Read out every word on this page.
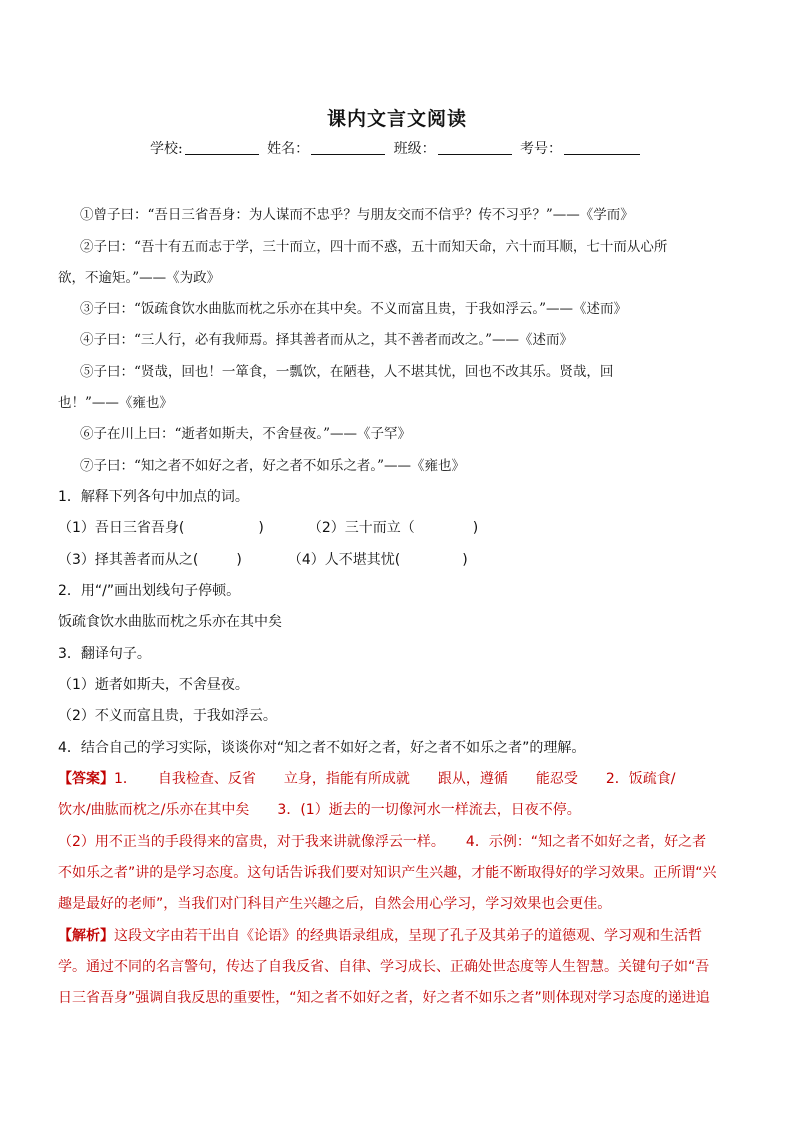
课内文言文阅读
学校:	姓名：	班级：	考号：
①曾子曰：“吾日三省吾身：为人谋而不忠乎？与朋友交而不信乎？传不习乎？”——《学而》
②子曰：“吾十有五而志于学，三十而立，四十而不惑，五十而知天命，六十而耳顺，七十而从心所
欲，不逾矩。”——《为政》
③子曰：“饭疏食饮水曲肱而枕之乐亦在其中矣。不义而富且贵，于我如浮云。”——《述而》
④子曰：“三人行，必有我师焉。择其善者而从之，其不善者而改之。”——《述而》
⑤子曰：“贤哉，回也！一箪食，一瓢饮，在陋巷，人不堪其忧，回也不改其乐。贤哉，回
也！”——《雍也》
⑥子在川上曰：“逝者如斯夫，不舍昼夜。”——《子罕》
⑦子曰：“知之者不如好之者，好之者不如乐之者。”——《雍也》
1．解释下列各句中加点的词。
（1）吾日三省吾身(	)	（2）三十而立（	)
（3）择其善者而从之(	)	（4）人不堪其忧(	)
2．用“/”画出划线句子停顿。
饭疏食饮水曲肱而枕之乐亦在其中矣
3．翻译句子。
（1）逝者如斯夫，不舍昼夜。
（2）不义而富且贵，于我如浮云。
4．结合自己的学习实际，谈谈你对“知之者不如好之者，好之者不如乐之者”的理解。
【答案】1．　　自我检查、反省　　立身，指能有所成就　　跟从，遵循　　能忍受　　2．饭疏食/
饮水/曲肱而枕之/乐亦在其中矣　　3．(1）逝去的一切像河水一样流去，日夜不停。
（2）用不正当的手段得来的富贵，对于我来讲就像浮云一样。　　4．示例：“知之者不如好之者，好之者
不如乐之者”讲的是学习态度。这句话告诉我们要对知识产生兴趣，才能不断取得好的学习效果。正所谓“兴
趣是最好的老师”，当我们对门科目产生兴趣之后，自然会用心学习，学习效果也会更佳。
【解析】这段文字由若干出自《论语》的经典语录组成，呈现了孔子及其弟子的道德观、学习观和生活哲
学。通过不同的名言警句，传达了自我反省、自律、学习成长、正确处世态度等人生智慧。关键句子如“吾
日三省吾身”强调自我反思的重要性，“知之者不如好之者，好之者不如乐之者”则体现对学习态度的递进追
